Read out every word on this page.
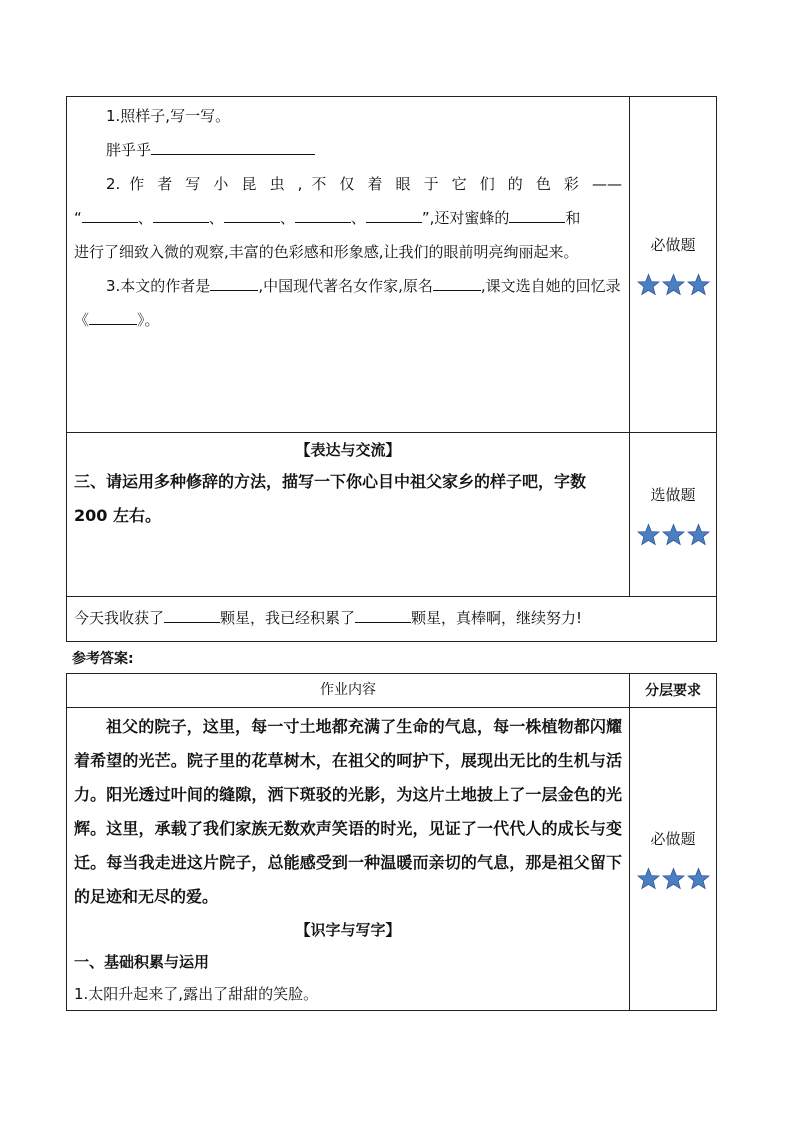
1.照样子,写一写。

胖乎乎

2. 作 者 写 小 昆 虫 , 不 仅 着 眼 于 它 们 的 色 彩 ——

“	、	、	、	、	”,还对蜜蜂的	和

进行了细致入微的观察,丰富的色彩感和形象感,让我们的眼前明亮绚丽起来。

3.本文的作者是	,中国现代著名女作家,原名	,课文选自她的回忆录《	》。

必做题

【表达与交流】

三、请运用多种修辞的方法，描写一下你心目中祖父家乡的样子吧，字数 200 左右。

选做题

今天我收获了	颗星，我已经积累了	颗星，真棒啊，继续努力!

参考答案:
作业内容	分层要求

祖父的院子，这里，每一寸土地都充满了生命的气息，每一株植物都闪耀着希望的光芒。院子里的花草树木，在祖父的呵护下，展现出无比的生机与活力。阳光透过叶间的缝隙，洒下斑驳的光影，为这片土地披上了一层金色的光辉。这里，承载了我们家族无数欢声笑语的时光，见证了一代代人的成长与变迁。每当我走进这片院子，总能感受到一种温暖而亲切的气息，那是祖父留下的足迹和无尽的爱。

【识字与写字】

一、基础积累与运用

1.太阳升起来了,露出了甜甜的笑脸。

必做题
